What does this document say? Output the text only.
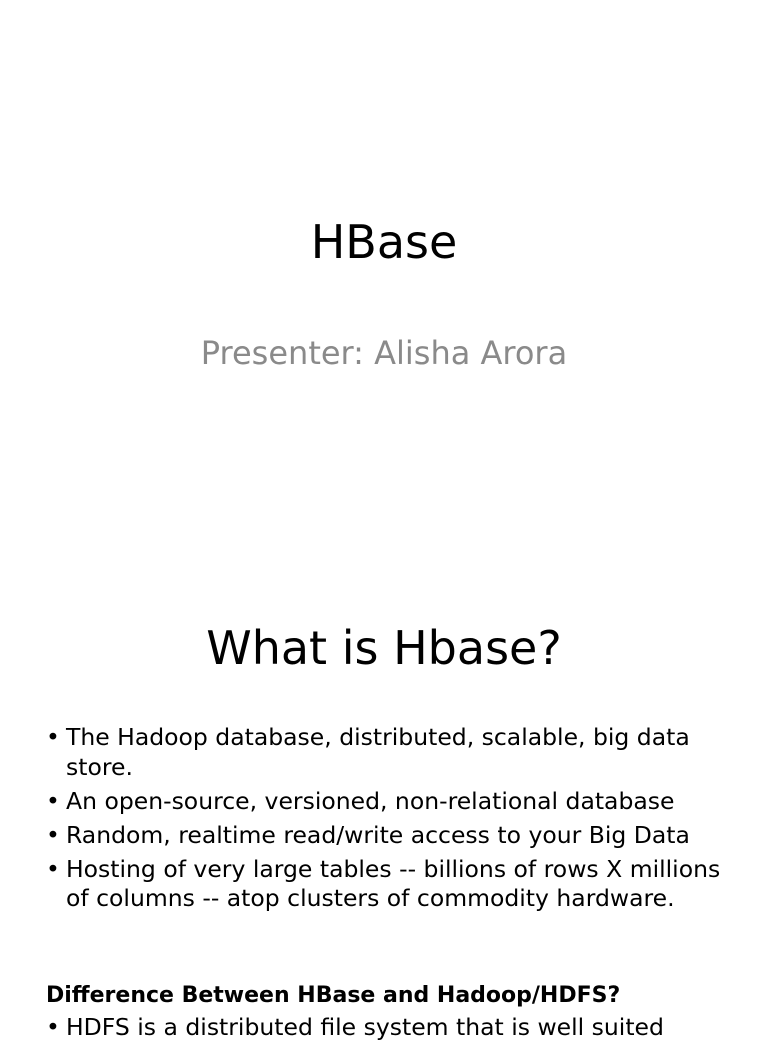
HBase

Presenter: Alisha Arora

What is Hbase?
• The Hadoop database, distributed, scalable, big data store.
• An open-source, versioned, non-relational database
• Random, realtime read/write access to your Big Data
• Hosting of very large tables -- billions of rows X millions of columns -- atop clusters of commodity hardware.
Difference Between HBase and Hadoop/HDFS?
• HDFS is a distributed file system that is well suited
